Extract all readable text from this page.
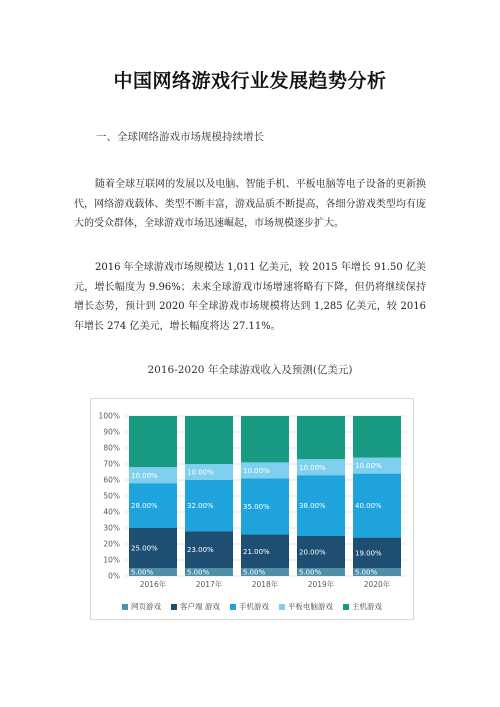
中国网络游戏行业发展趋势分析
一、全球网络游戏市场规模持续增长

随着全球互联网的发展以及电脑、智能手机、平板电脑等电子设备的更新换代，网络游戏载体、类型不断丰富，游戏品质不断提高，各细分游戏类型均有庞大的受众群体，全球游戏市场迅速崛起，市场规模逐步扩大。

2016 年全球游戏市场规模达 1,011 亿美元，较 2015 年增长 91.50 亿美元，增长幅度为 9.96%；未来全球游戏市场增速将略有下降，但仍将继续保持增长态势，预计到 2020 年全球游戏市场规模将达到 1,285 亿美元，较 2016 年增长 274 亿美元，增长幅度将达 27.11%。

2016-2020 年全球游戏收入及预测(亿美元)
0%
10%
20%
30%
40%
50%
60%
70%
80%
90%
100%
5.00%
25.00%
28.00%
10.00%
2016年
5.00%
23.00%
32.00%
10.00%
2017年
5.00%
21.00%
35.00%
10.00%
2018年
5.00%
20.00%
38.00%
10.00%
2019年
5.00%
19.00%
40.00%
10.00%
2020年
网页游戏	客户端 游戏	手机游戏	平板电脑游戏	主机游戏
